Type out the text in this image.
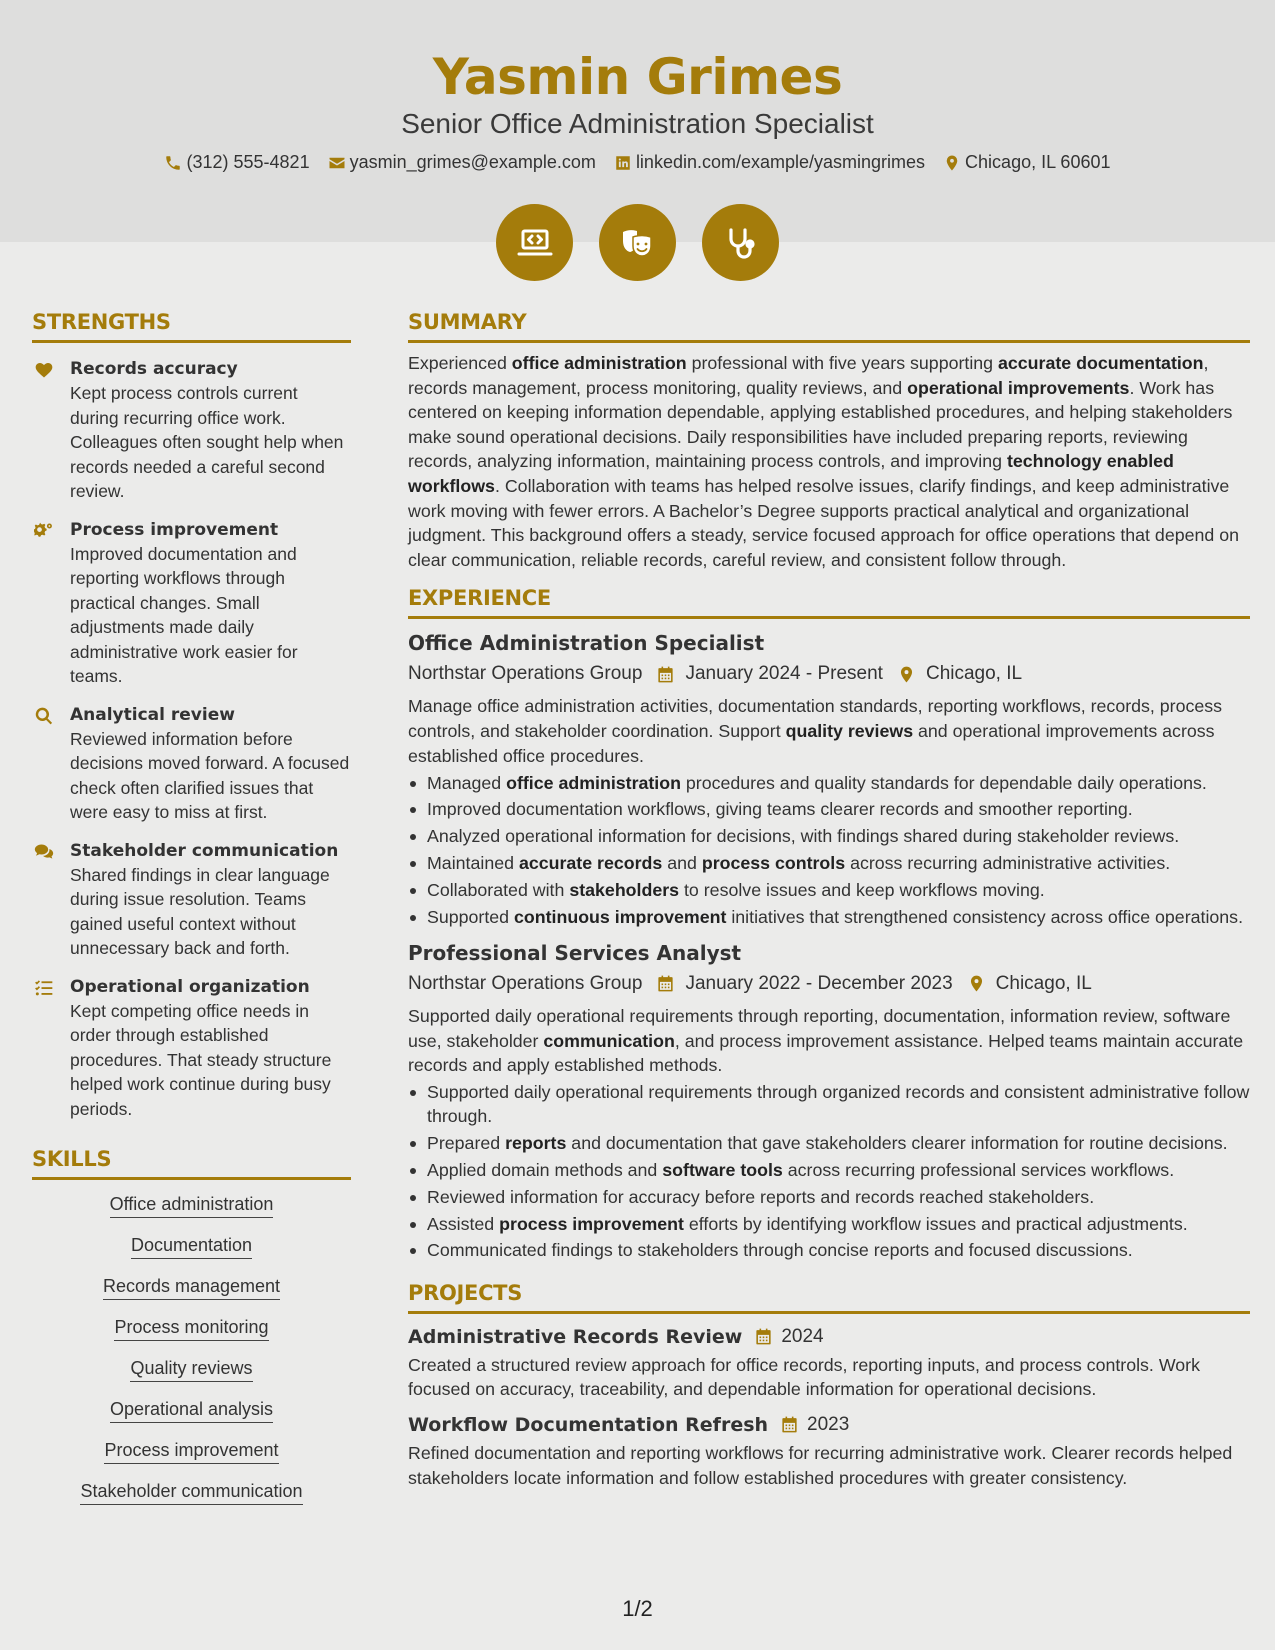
Yasmin Grimes
Senior Office Administration Specialist
(312) 555-4821 yasmin_grimes@example.com linkedin.com/example/yasmingrimes Chicago, IL 60601
STRENGTHS
Records accuracy
Kept process controls current during recurring office work. Colleagues often sought help when records needed a careful second review.
Process improvement
Improved documentation and reporting workflows through practical changes. Small adjustments made daily administrative work easier for teams.
Analytical review
Reviewed information before decisions moved forward. A focused check often clarified issues that were easy to miss at first.
Stakeholder communication
Shared findings in clear language during issue resolution. Teams gained useful context without unnecessary back and forth.
Operational organization
Kept competing office needs in order through established procedures. That steady structure helped work continue during busy periods.
SKILLS
Office administration
Documentation
Records management
Process monitoring
Quality reviews
Operational analysis
Process improvement
Stakeholder communication
SUMMARY

Experienced office administration professional with five years supporting accurate documentation, records management, process monitoring, quality reviews, and operational improvements. Work has centered on keeping information dependable, applying established procedures, and helping stakeholders make sound operational decisions. Daily responsibilities have included preparing reports, reviewing records, analyzing information, maintaining process controls, and improving technology enabled workflows. Collaboration with teams has helped resolve issues, clarify findings, and keep administrative work moving with fewer errors. A Bachelor’s Degree supports practical analytical and organizational judgment. This background offers a steady, service focused approach for office operations that depend on clear communication, reliable records, careful review, and consistent follow through.

EXPERIENCE
Office Administration Specialist
Northstar Operations Group January 2024 - Present Chicago, IL

Manage office administration activities, documentation standards, reporting workflows, records, process controls, and stakeholder coordination. Support quality reviews and operational improvements across established office procedures.

Managed office administration procedures and quality standards for dependable daily operations.
Improved documentation workflows, giving teams clearer records and smoother reporting.
Analyzed operational information for decisions, with findings shared during stakeholder reviews.
Maintained accurate records and process controls across recurring administrative activities.
Collaborated with stakeholders to resolve issues and keep workflows moving.
Supported continuous improvement initiatives that strengthened consistency across office operations.
Professional Services Analyst
Northstar Operations Group January 2022 - December 2023 Chicago, IL

Supported daily operational requirements through reporting, documentation, information review, software use, stakeholder communication, and process improvement assistance. Helped teams maintain accurate records and apply established methods.

Supported daily operational requirements through organized records and consistent administrative follow through.
Prepared reports and documentation that gave stakeholders clearer information for routine decisions.
Applied domain methods and software tools across recurring professional services workflows.
Reviewed information for accuracy before reports and records reached stakeholders.
Assisted process improvement efforts by identifying workflow issues and practical adjustments.
Communicated findings to stakeholders through concise reports and focused discussions.
PROJECTS
Administrative Records Review 2024

Created a structured review approach for office records, reporting inputs, and process controls. Work focused on accuracy, traceability, and dependable information for operational decisions.

Workflow Documentation Refresh 2023

Refined documentation and reporting workflows for recurring administrative work. Clearer records helped stakeholders locate information and follow established procedures with greater consistency.

1/2
